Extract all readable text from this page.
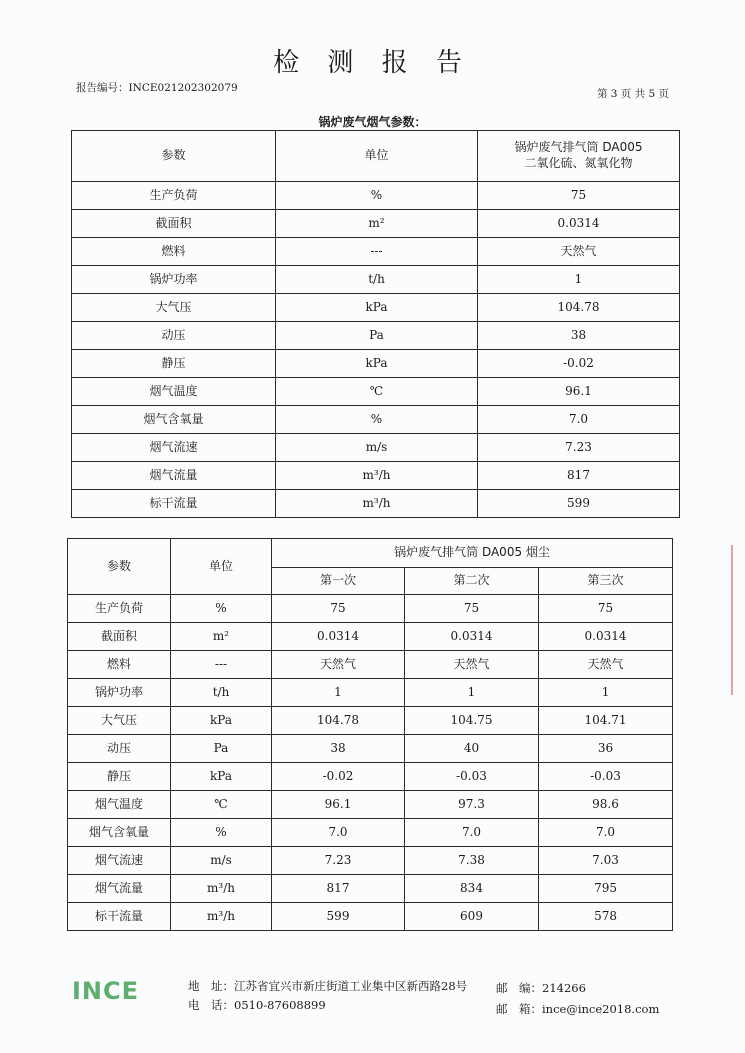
检 测 报 告
报告编号：INCE021202302079	第 3 页 共 5 页
锅炉废气烟气参数：
参数	单位	锅炉废气排气筒 DA005
二氧化硫、氮氧化物

生产负荷	%	75
截面积	m²	0.0314
燃料	---	天然气
锅炉功率	t/h	1
大气压	kPa	104.78
动压	Pa	38
静压	kPa	-0.02
烟气温度	℃	96.1
烟气含氧量	%	7.0
烟气流速	m/s	7.23
烟气流量	m³/h	817
标干流量	m³/h	599
参数	单位	锅炉废气排气筒 DA005 烟尘		
		第一次	第二次	第三次
生产负荷	%	75	75	75
截面积	m²	0.0314	0.0314	0.0314
燃料	---	天然气	天然气	天然气
锅炉功率	t/h	1	1	1
大气压	kPa	104.78	104.75	104.71
动压	Pa	38	40	36
静压	kPa	-0.02	-0.03	-0.03
烟气温度	℃	96.1	97.3	98.6
烟气含氧量	%	7.0	7.0	7.0
烟气流速	m/s	7.23	7.38	7.03
烟气流量	m³/h	817	834	795
标干流量	m³/h	599	609	578
INCE	地　址：江苏省宜兴市新庄街道工业集中区新西路28号
电　话：0510-87608899
邮　编：214266
邮　箱：ince@ince2018.com
